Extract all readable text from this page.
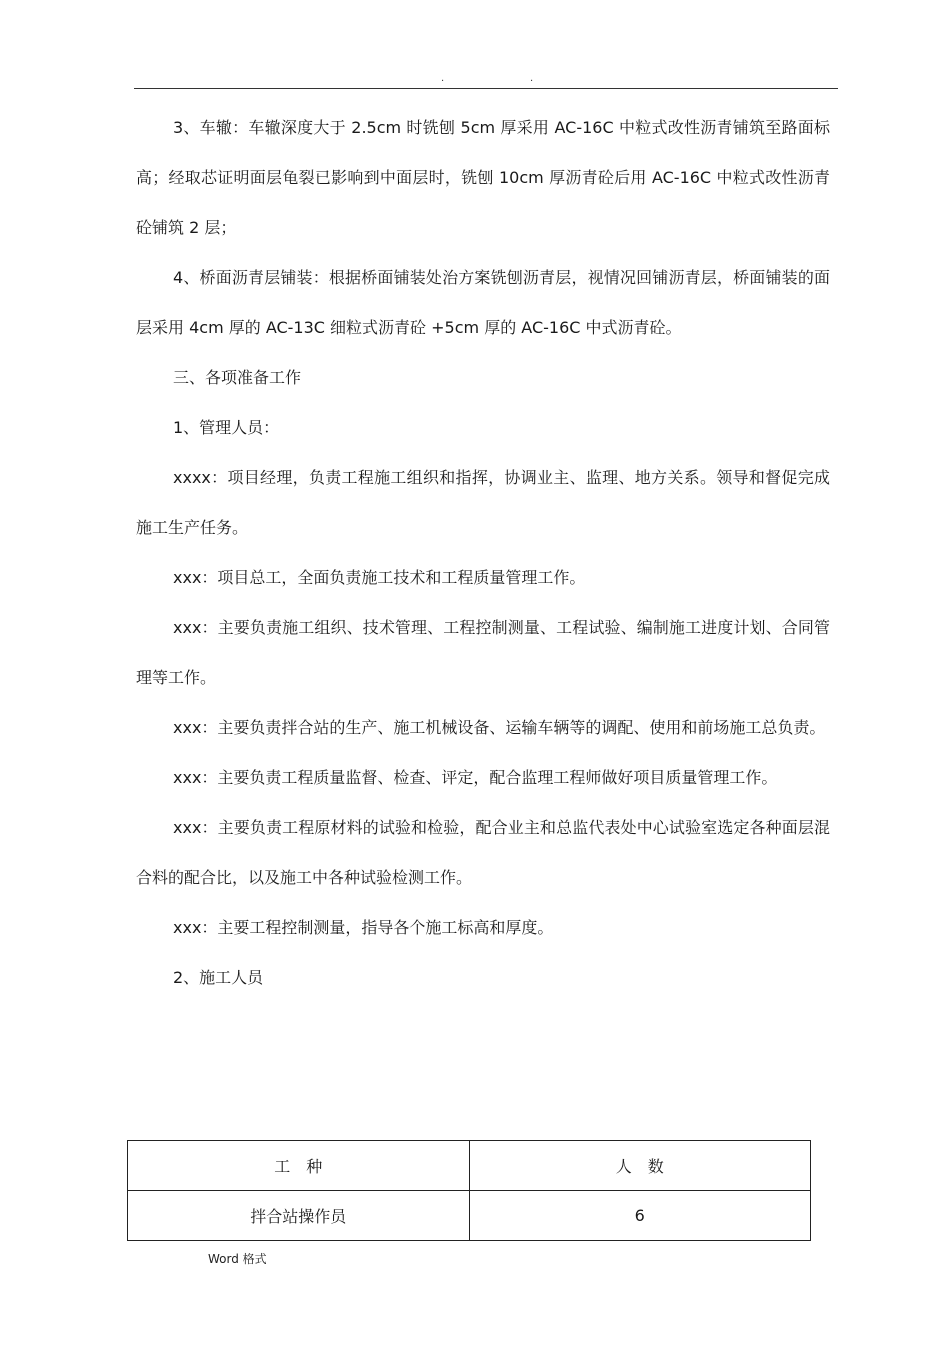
.	.

3、车辙：车辙深度大于 2.5cm 时铣刨 5cm 厚采用 AC-16C 中粒式改性沥青铺筑至路面标高；经取芯证明面层龟裂已影响到中面层时，铣刨 10cm 厚沥青砼后用 AC-16C 中粒式改性沥青砼铺筑 2 层；

4、桥面沥青层铺装：根据桥面铺装处治方案铣刨沥青层，视情况回铺沥青层，桥面铺装的面层采用 4cm 厚的 AC-13C 细粒式沥青砼 +5cm 厚的 AC-16C 中式沥青砼。

三、各项准备工作

1、管理人员：

xxxx：项目经理，负责工程施工组织和指挥，协调业主、监理、地方关系。领导和督促完成施工生产任务。

xxx：项目总工，全面负责施工技术和工程质量管理工作。

xxx：主要负责施工组织、技术管理、工程控制测量、工程试验、编制施工进度计划、合同管理等工作。

xxx：主要负责拌合站的生产、施工机械设备、运输车辆等的调配、使用和前场施工总负责。

xxx：主要负责工程质量监督、检查、评定，配合监理工程师做好项目质量管理工作。

xxx：主要负责工程原材料的试验和检验，配合业主和总监代表处中心试验室选定各种面层混合料的配合比，以及施工中各种试验检测工作。

xxx：主要工程控制测量，指导各个施工标高和厚度。

2、施工人员

工　种	人　数
拌合站操作员	6
Word 格式
